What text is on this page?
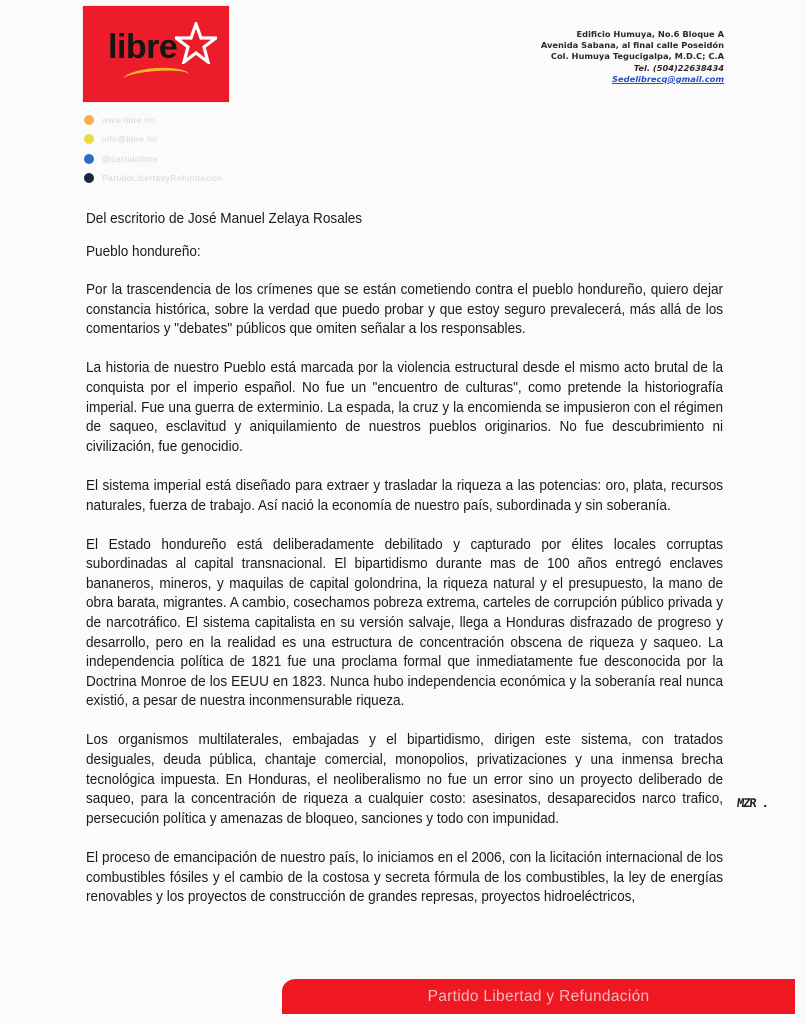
libre	Edificio Humuya, No.6 Bloque A
Avenida Sabana, al final calle Poseidón
Col. Humuya Tegucigalpa, M.D.C; C.A
Tel. (504)22638434
Sedelibrecq@gmail.com
www.libre.hn
info@libre.hn
@partidolibre
PartidoLibertadyRefundacion

Del escritorio de José Manuel Zelaya Rosales

Pueblo hondureño:

Por la trascendencia de los crímenes que se están cometiendo contra el pueblo hondureño, quiero dejar constancia histórica, sobre la verdad que puedo probar y que estoy seguro prevalecerá, más allá de los comentarios y "debates" públicos que omiten señalar a los responsables.

La historia de nuestro Pueblo está marcada por la violencia estructural desde el mismo acto brutal de la conquista por el imperio español. No fue un "encuentro de culturas", como pretende la historiografía imperial. Fue una guerra de exterminio. La espada, la cruz y la encomienda se impusieron con el régimen de saqueo, esclavitud y aniquilamiento de nuestros pueblos originarios. No fue descubrimiento ni civilización, fue genocidio.

El sistema imperial está diseñado para extraer y trasladar la riqueza a las potencias: oro, plata, recursos naturales, fuerza de trabajo. Así nació la economía de nuestro país, subordinada y sin soberanía.

El Estado hondureño está deliberadamente debilitado y capturado por élites locales corruptas subordinadas al capital transnacional. El bipartidismo durante mas de 100 años entregó enclaves bananeros, mineros, y maquilas de capital golondrina, la riqueza natural y el presupuesto, la mano de obra barata, migrantes. A cambio, cosechamos pobreza extrema, carteles de corrupción público privada y de narcotráfico. El sistema capitalista en su versión salvaje, llega a Honduras disfrazado de progreso y desarrollo, pero en la realidad es una estructura de concentración obscena de riqueza y saqueo. La independencia política de 1821 fue una proclama formal que inmediatamente fue desconocida por la Doctrina Monroe de los EEUU en 1823. Nunca hubo independencia económica y la soberanía real nunca existió, a pesar de nuestra inconmensurable riqueza.

Los organismos multilaterales, embajadas y el bipartidismo, dirigen este sistema, con tratados desiguales, deuda pública, chantaje comercial, monopolios, privatizaciones y una inmensa brecha tecnológica impuesta. En Honduras, el neoliberalismo no fue un error sino un proyecto deliberado de saqueo, para la concentración de riqueza a cualquier costo: asesinatos, desaparecidos narco trafico, persecución política y amenazas de bloqueo, sanciones y todo con impunidad.

El proceso de emancipación de nuestro país, lo iniciamos en el 2006, con la licitación internacional de los combustibles fósiles y el cambio de la costosa y secreta fórmula de los combustibles, la ley de energías renovables y los proyectos de construcción de grandes represas, proyectos hidroeléctricos,

MZR .
Partido Libertad y Refundación
